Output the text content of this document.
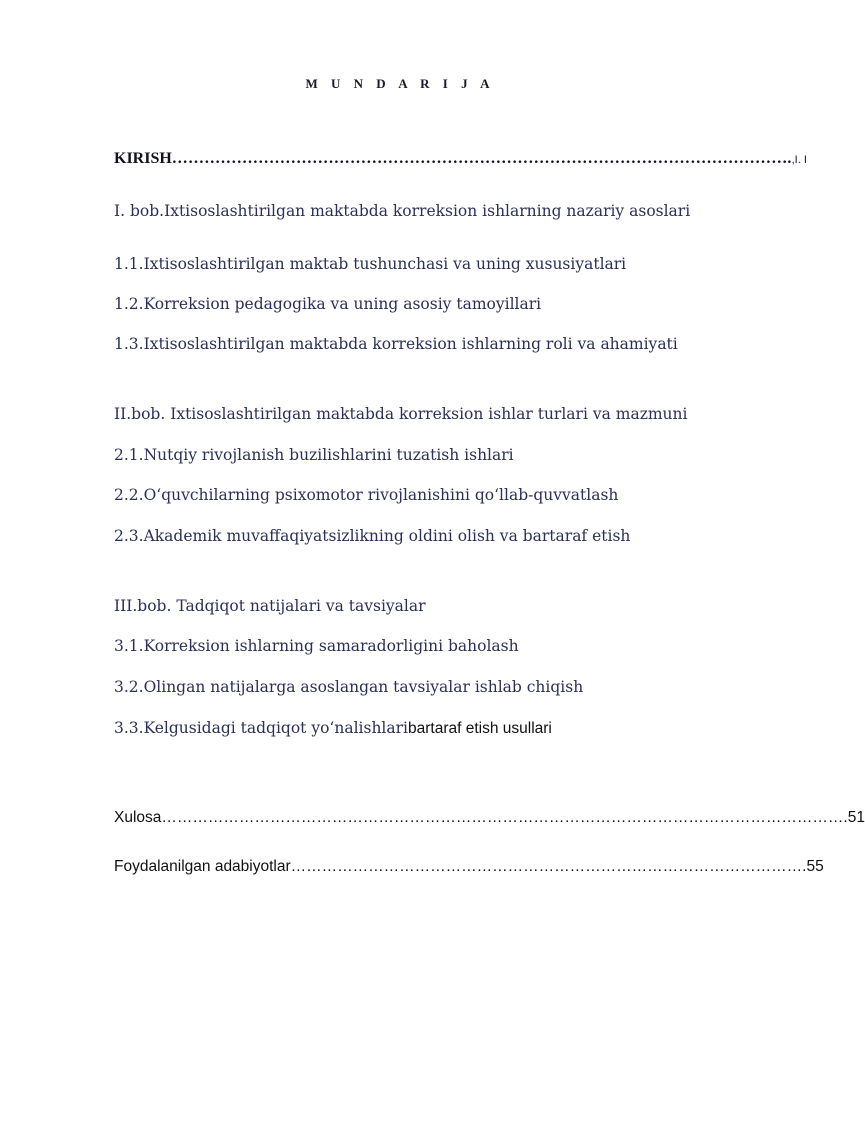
M U N D A R I J A
KIRISH…………………………………………………………………………………………………….,I. I
I. bob.Ixtisoslashtirilgan maktabda korreksion ishlarning nazariy asoslari
1.1.Ixtisoslashtirilgan maktab tushunchasi va uning xususiyatlari
1.2.Korreksion pedagogika va uning asosiy tamoyillari
1.3.Ixtisoslashtirilgan maktabda korreksion ishlarning roli va ahamiyati
II.bob. Ixtisoslashtirilgan maktabda korreksion ishlar turlari va mazmuni
2.1.Nutqiy rivojlanish buzilishlarini tuzatish ishlari
2.2.O‘quvchilarning psixomotor rivojlanishini qo‘llab-quvvatlash
2.3.Akademik muvaffaqiyatsizlikning oldini olish va bartaraf etish
III.bob. Tadqiqot natijalari va tavsiyalar
3.1.Korreksion ishlarning samaradorligini baholash
3.2.Olingan natijalarga asoslangan tavsiyalar ishlab chiqish
3.3.Kelgusidagi tadqiqot yo‘nalishlaribartaraf etish usullari
Xulosa…………………………………………………………………………………………………………………….51
Foydalanilgan adabiyotlar……………………………………………………………………………………….55
